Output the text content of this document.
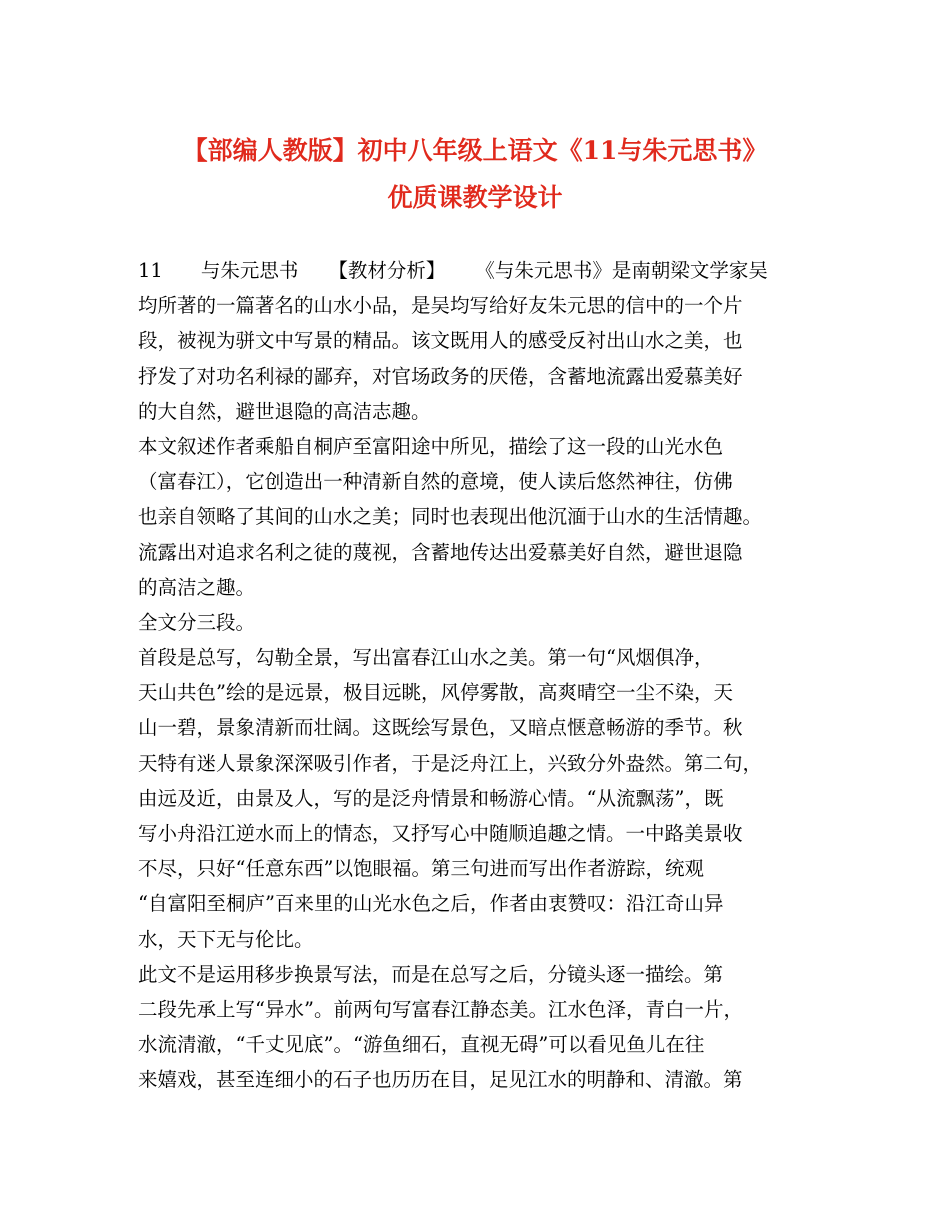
【部编人教版】初中八年级上语文《11与朱元思书》
优质课教学设计
11 与朱元思书 【教材分析】 《与朱元思书》是南朝梁文学家吴
均所著的一篇著名的山水小品，是吴均写给好友朱元思的信中的一个片
段，被视为骈文中写景的精品。该文既用人的感受反衬出山水之美，也
抒发了对功名利禄的鄙弃，对官场政务的厌倦，含蓄地流露出爱慕美好
的大自然，避世退隐的高洁志趣。
本文叙述作者乘船自桐庐至富阳途中所见，描绘了这一段的山光水色
（富春江），它创造出一种清新自然的意境，使人读后悠然神往，仿佛
也亲自领略了其间的山水之美；同时也表现出他沉湎于山水的生活情趣。
流露出对追求名利之徒的蔑视，含蓄地传达出爱慕美好自然，避世退隐
的高洁之趣。
全文分三段。
首段是总写，勾勒全景，写出富春江山水之美。第一句“风烟俱净，
天山共色”绘的是远景，极目远眺，风停雾散，高爽晴空一尘不染，天
山一碧，景象清新而壮阔。这既绘写景色，又暗点惬意畅游的季节。秋
天特有迷人景象深深吸引作者，于是泛舟江上，兴致分外盎然。第二句，
由远及近，由景及人，写的是泛舟情景和畅游心情。“从流飘荡”，既
写小舟沿江逆水而上的情态，又抒写心中随顺追趣之情。一中路美景收
不尽，只好“任意东西”以饱眼福。第三句进而写出作者游踪，统观
“自富阳至桐庐”百来里的山光水色之后，作者由衷赞叹：沿江奇山异
水，天下无与伦比。
此文不是运用移步换景写法，而是在总写之后，分镜头逐一描绘。第
二段先承上写“异水”。前两句写富春江静态美。江水色泽，青白一片，
水流清澈，“千丈见底”。“游鱼细石，直视无碍”可以看见鱼儿在往
来嬉戏，甚至连细小的石子也历历在目，足见江水的明静和、清澈。第
